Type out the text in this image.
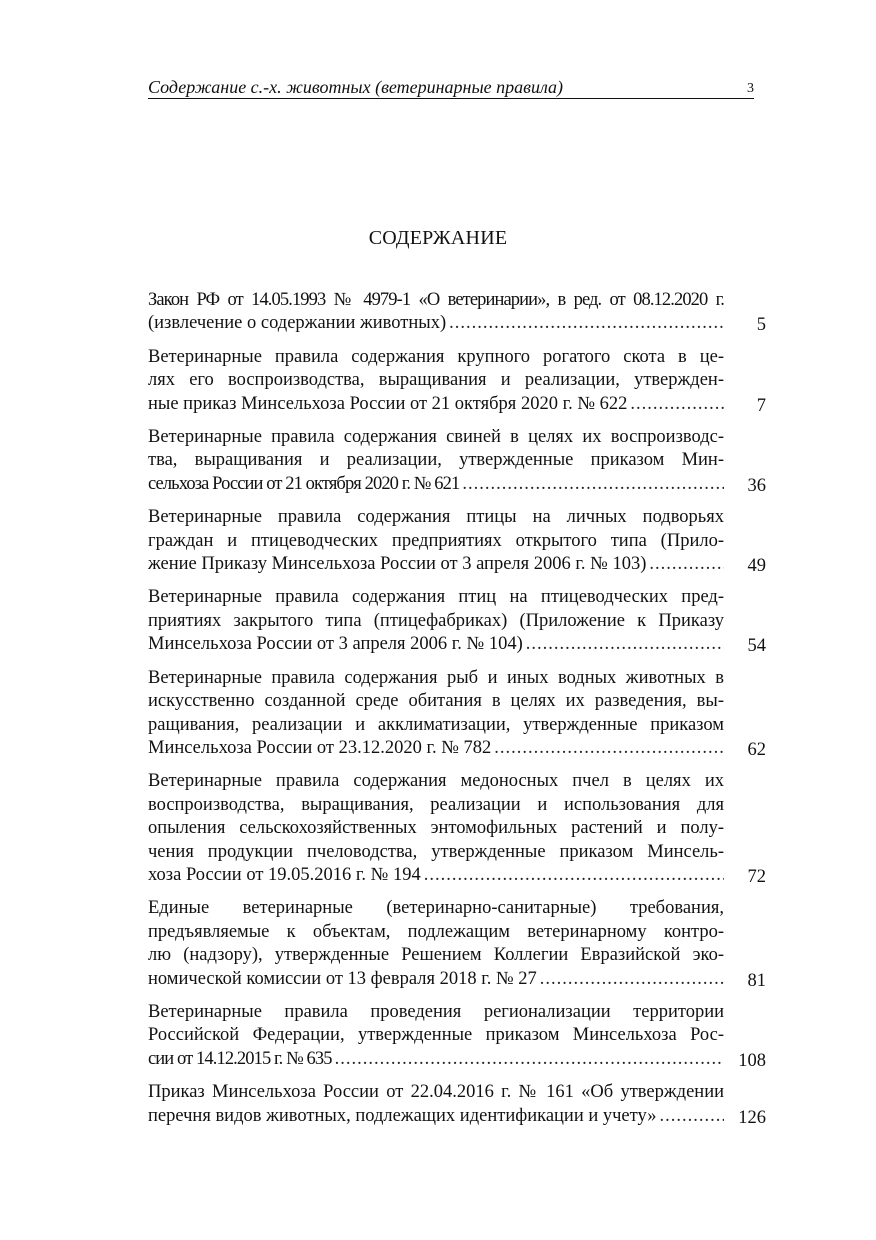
Содержание с.-х. животных (ветеринарные правила)	3
СОДЕРЖАНИЕ
Закон РФ от 14.05.1993 № 4979-1 «О ветеринарии», в ред. от 08.12.2020 г.
(извлечение о содержании животных) .....	5
Ветеринарные правила содержания крупного рогатого скота в це-
лях его воспроизводства, выращивания и реализации, утвержден-
ные приказ Минсельхоза России от 21 октября 2020 г. № 622 .....	7
Ветеринарные правила содержания свиней в целях их воспроизводс-
тва, выращивания и реализации, утвержденные приказом Мин-
сельхоза России от 21 октября 2020 г. № 621 .....	36
Ветеринарные правила содержания птицы на личных подворьях
граждан и птицеводческих предприятиях открытого типа (Прило-
жение Приказу Минсельхоза России от 3 апреля 2006 г. № 103) .....	49
Ветеринарные правила содержания птиц на птицеводческих пред-
приятиях закрытого типа (птицефабриках) (Приложение к Приказу
Минсельхоза России от 3 апреля 2006 г. № 104) .....	54
Ветеринарные правила содержания рыб и иных водных животных в
искусственно созданной среде обитания в целях их разведения, вы-
ращивания, реализации и акклиматизации, утвержденные приказом
Минсельхоза России от 23.12.2020 г. № 782 .....	62
Ветеринарные правила содержания медоносных пчел в целях их
воспроизводства, выращивания, реализации и использования для
опыления сельскохозяйственных энтомофильных растений и полу-
чения продукции пчеловодства, утвержденные приказом Минсель-
хоза России от 19.05.2016 г. № 194 .....	72
Единые ветеринарные (ветеринарно-санитарные) требования,
предъявляемые к объектам, подлежащим ветеринарному контро-
лю (надзору), утвержденные Решением Коллегии Евразийской эко-
номической комиссии от 13 февраля 2018 г. № 27 .....	81
Ветеринарные правила проведения регионализации территории
Российской Федерации, утвержденные приказом Минсельхоза Рос-
сии от 14.12.2015 г. № 635 .....	108
Приказ Минсельхоза России от 22.04.2016 г. № 161 «Об утверждении
перечня видов животных, подлежащих идентификации и учету» .....	126
